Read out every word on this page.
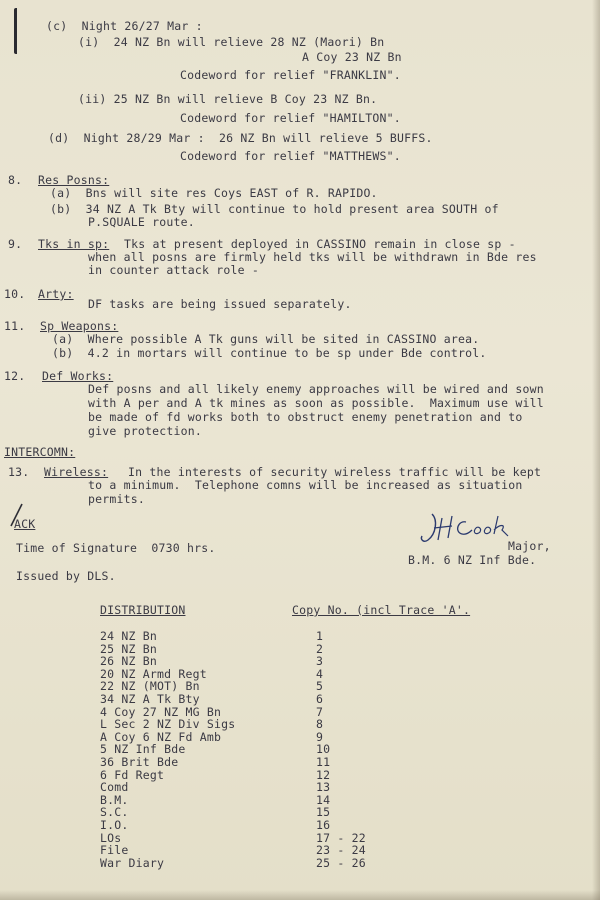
(c)  Night 26/27 Mar :
(i)  24 NZ Bn will relieve 28 NZ (Maori) Bn
A Coy 23 NZ Bn
Codeword for relief "FRANKLIN".
(ii) 25 NZ Bn will relieve B Coy 23 NZ Bn.
Codeword for relief "HAMILTON".
(d)  Night 28/29 Mar :  26 NZ Bn will relieve 5 BUFFS.
Codeword for relief "MATTHEWS".
8. Res Posns:
(a)  Bns will site res Coys EAST of R. RAPIDO.
(b)  34 NZ A Tk Bty will continue to hold present area SOUTH of
P.SQUALE route.
9. Tks in sp: Tks at present deployed in CASSINO remain in close sp -
when all posns are firmly held tks will be withdrawn in Bde res
in counter attack role -
10. Arty:
DF tasks are being issued separately.
11. Sp Weapons:
(a)  Where possible A Tk guns will be sited in CASSINO area.
(b)  4.2 in mortars will continue to be sp under Bde control.
12. Def Works:
Def posns and all likely enemy approaches will be wired and sown
with A per and A tk mines as soon as possible.  Maximum use will
be made of fd works both to obstruct enemy penetration and to
give protection.
INTERCOMN:
13. Wireless: In the interests of security wireless traffic will be kept
to a minimum.  Telephone comns will be increased as situation
permits.
ACK
Time of Signature  0730 hrs.
Issued by DLS.
Major,
B.M. 6 NZ Inf Bde.
DISTRIBUTION	Copy No. (incl Trace 'A'.
24 NZ Bn	1
25 NZ Bn	2
26 NZ Bn	3
20 NZ Armd Regt	4
22 NZ (MOT) Bn	5
34 NZ A Tk Bty	6
4 Coy 27 NZ MG Bn	7
L Sec 2 NZ Div Sigs	8
A Coy 6 NZ Fd Amb	9
5 NZ Inf Bde	10
36 Brit Bde	11
6 Fd Regt	12
Comd	13
B.M.	14
S.C.	15
I.O.	16
LOs	17 - 22
File	23 - 24
War Diary	25 - 26
